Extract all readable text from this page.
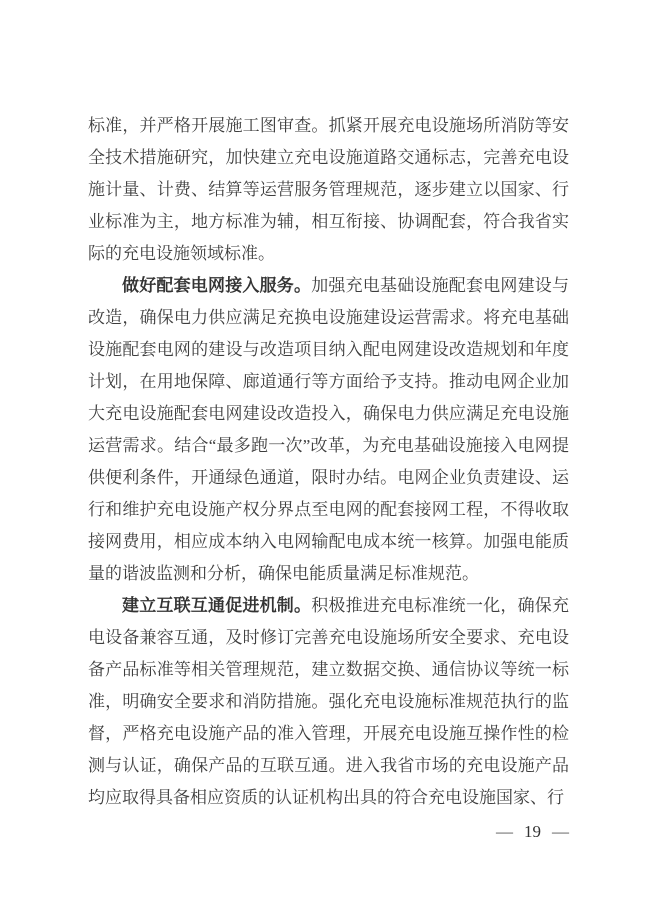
标准，并严格开展施工图审查。抓紧开展充电设施场所消防等安全技术措施研究，加快建立充电设施道路交通标志，完善充电设施计量、计费、结算等运营服务管理规范，逐步建立以国家、行业标准为主，地方标准为辅，相互衔接、协调配套，符合我省实际的充电设施领域标准。

做好配套电网接入服务。加强充电基础设施配套电网建设与改造，确保电力供应满足充换电设施建设运营需求。将充电基础设施配套电网的建设与改造项目纳入配电网建设改造规划和年度计划，在用地保障、廊道通行等方面给予支持。推动电网企业加大充电设施配套电网建设改造投入，确保电力供应满足充电设施运营需求。结合“最多跑一次”改革，为充电基础设施接入电网提供便利条件，开通绿色通道，限时办结。电网企业负责建设、运行和维护充电设施产权分界点至电网的配套接网工程，不得收取接网费用，相应成本纳入电网输配电成本统一核算。加强电能质量的谐波监测和分析，确保电能质量满足标准规范。

建立互联互通促进机制。积极推进充电标准统一化，确保充电设备兼容互通，及时修订完善充电设施场所安全要求、充电设备产品标准等相关管理规范，建立数据交换、通信协议等统一标准，明确安全要求和消防措施。强化充电设施标准规范执行的监督，严格充电设施产品的准入管理，开展充电设施互操作性的检测与认证，确保产品的互联互通。进入我省市场的充电设施产品均应取得具备相应资质的认证机构出具的符合充电设施国家、行

— 19 —
